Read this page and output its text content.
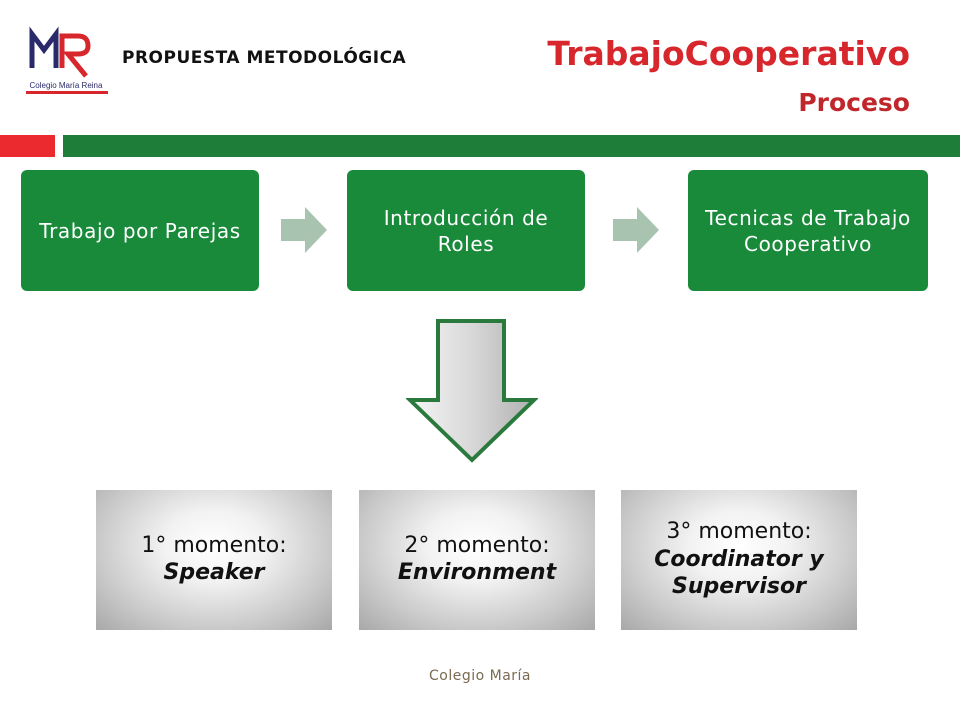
Colegio María Reina
PROPUESTA METODOLÓGICA	TrabajoCooperativo
Proceso
Trabajo por Parejas
Introducción de Roles
Tecnicas de Trabajo Cooperativo
1° momento:
Speaker
2° momento:
Environment
3° momento:
Coordinator y Supervisor
Colegio María
